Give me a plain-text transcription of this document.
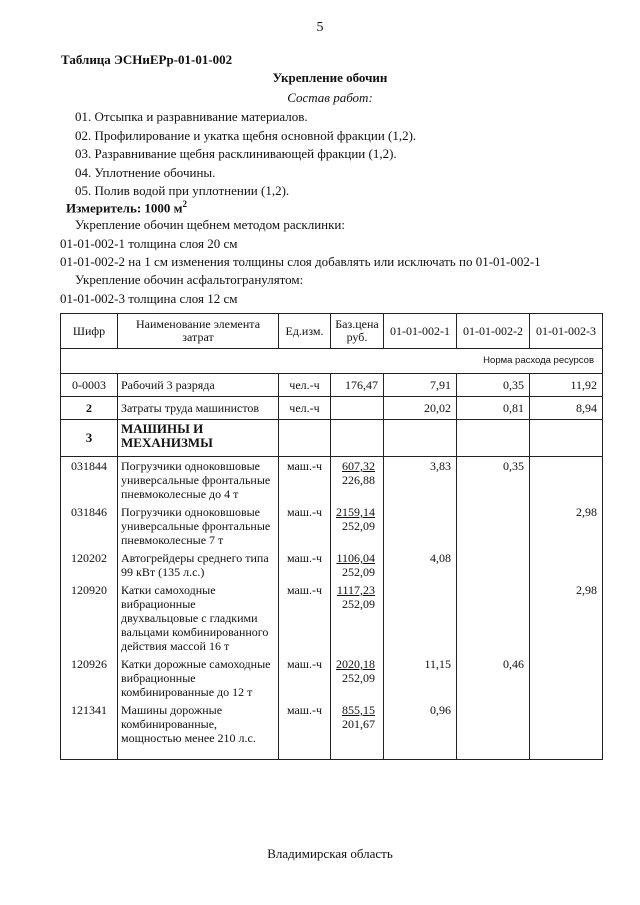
5
Таблица ЭСНиЕРр-01-01-002
Укрепление обочин
Состав работ:
01. Отсыпка и разравнивание материалов.
02. Профилирование и укатка щебня основной фракции (1,2).
03. Разравнивание щебня расклинивающей фракции (1,2).
04. Уплотнение обочины.
05. Полив водой при уплотнении (1,2).
Измеритель: 1000 $м^2$
Укрепление обочин щебнем методом расклинки:
01-01-002-1 толщина слоя 20 см
01-01-002-2 на 1 см изменения толщины слоя добавлять или исключать по 01-01-002-1
Укрепление обочин асфальтогранулятом:
01-01-002-3 толщина слоя 12 см
Шифр	Наименование элемента затрат	Ед.изм.	Баз.цена руб.	01-01-002-1	01-01-002-2	01-01-002-3
Норма расхода ресурсов						
0-0003	Рабочий 3 разряда	чел.-ч	176,47	7,91	0,35	11,92
2	Затраты труда машинистов	чел.-ч		20,02	0,81	8,94
3	МАШИНЫ И МЕХАНИЗМЫ					
031844	Погрузчики одноковшовые универсальные фронтальные пневмоколесные до 4 т	маш.-ч	607,32
226,88	3,83	0,35	
031846	Погрузчики одноковшовые универсальные фронтальные пневмоколесные 7 т	маш.-ч	2159,14
252,09			2,98
120202	Автогрейдеры среднего типа 99 кВт (135 л.с.)	маш.-ч	1106,04
252,09	4,08		
120920	Катки самоходные вибрационные двухвальцовые с гладкими вальцами комбинированного действия массой 16 т	маш.-ч	1117,23
252,09			2,98
120926	Катки дорожные самоходные вибрационные комбинированные до 12 т	маш.-ч	2020,18
252,09	11,15	0,46	
121341	Машины дорожные комбинированные, мощностью менее 210 л.с.	маш.-ч	855,15
201,67	0,96		
Владимирская область
